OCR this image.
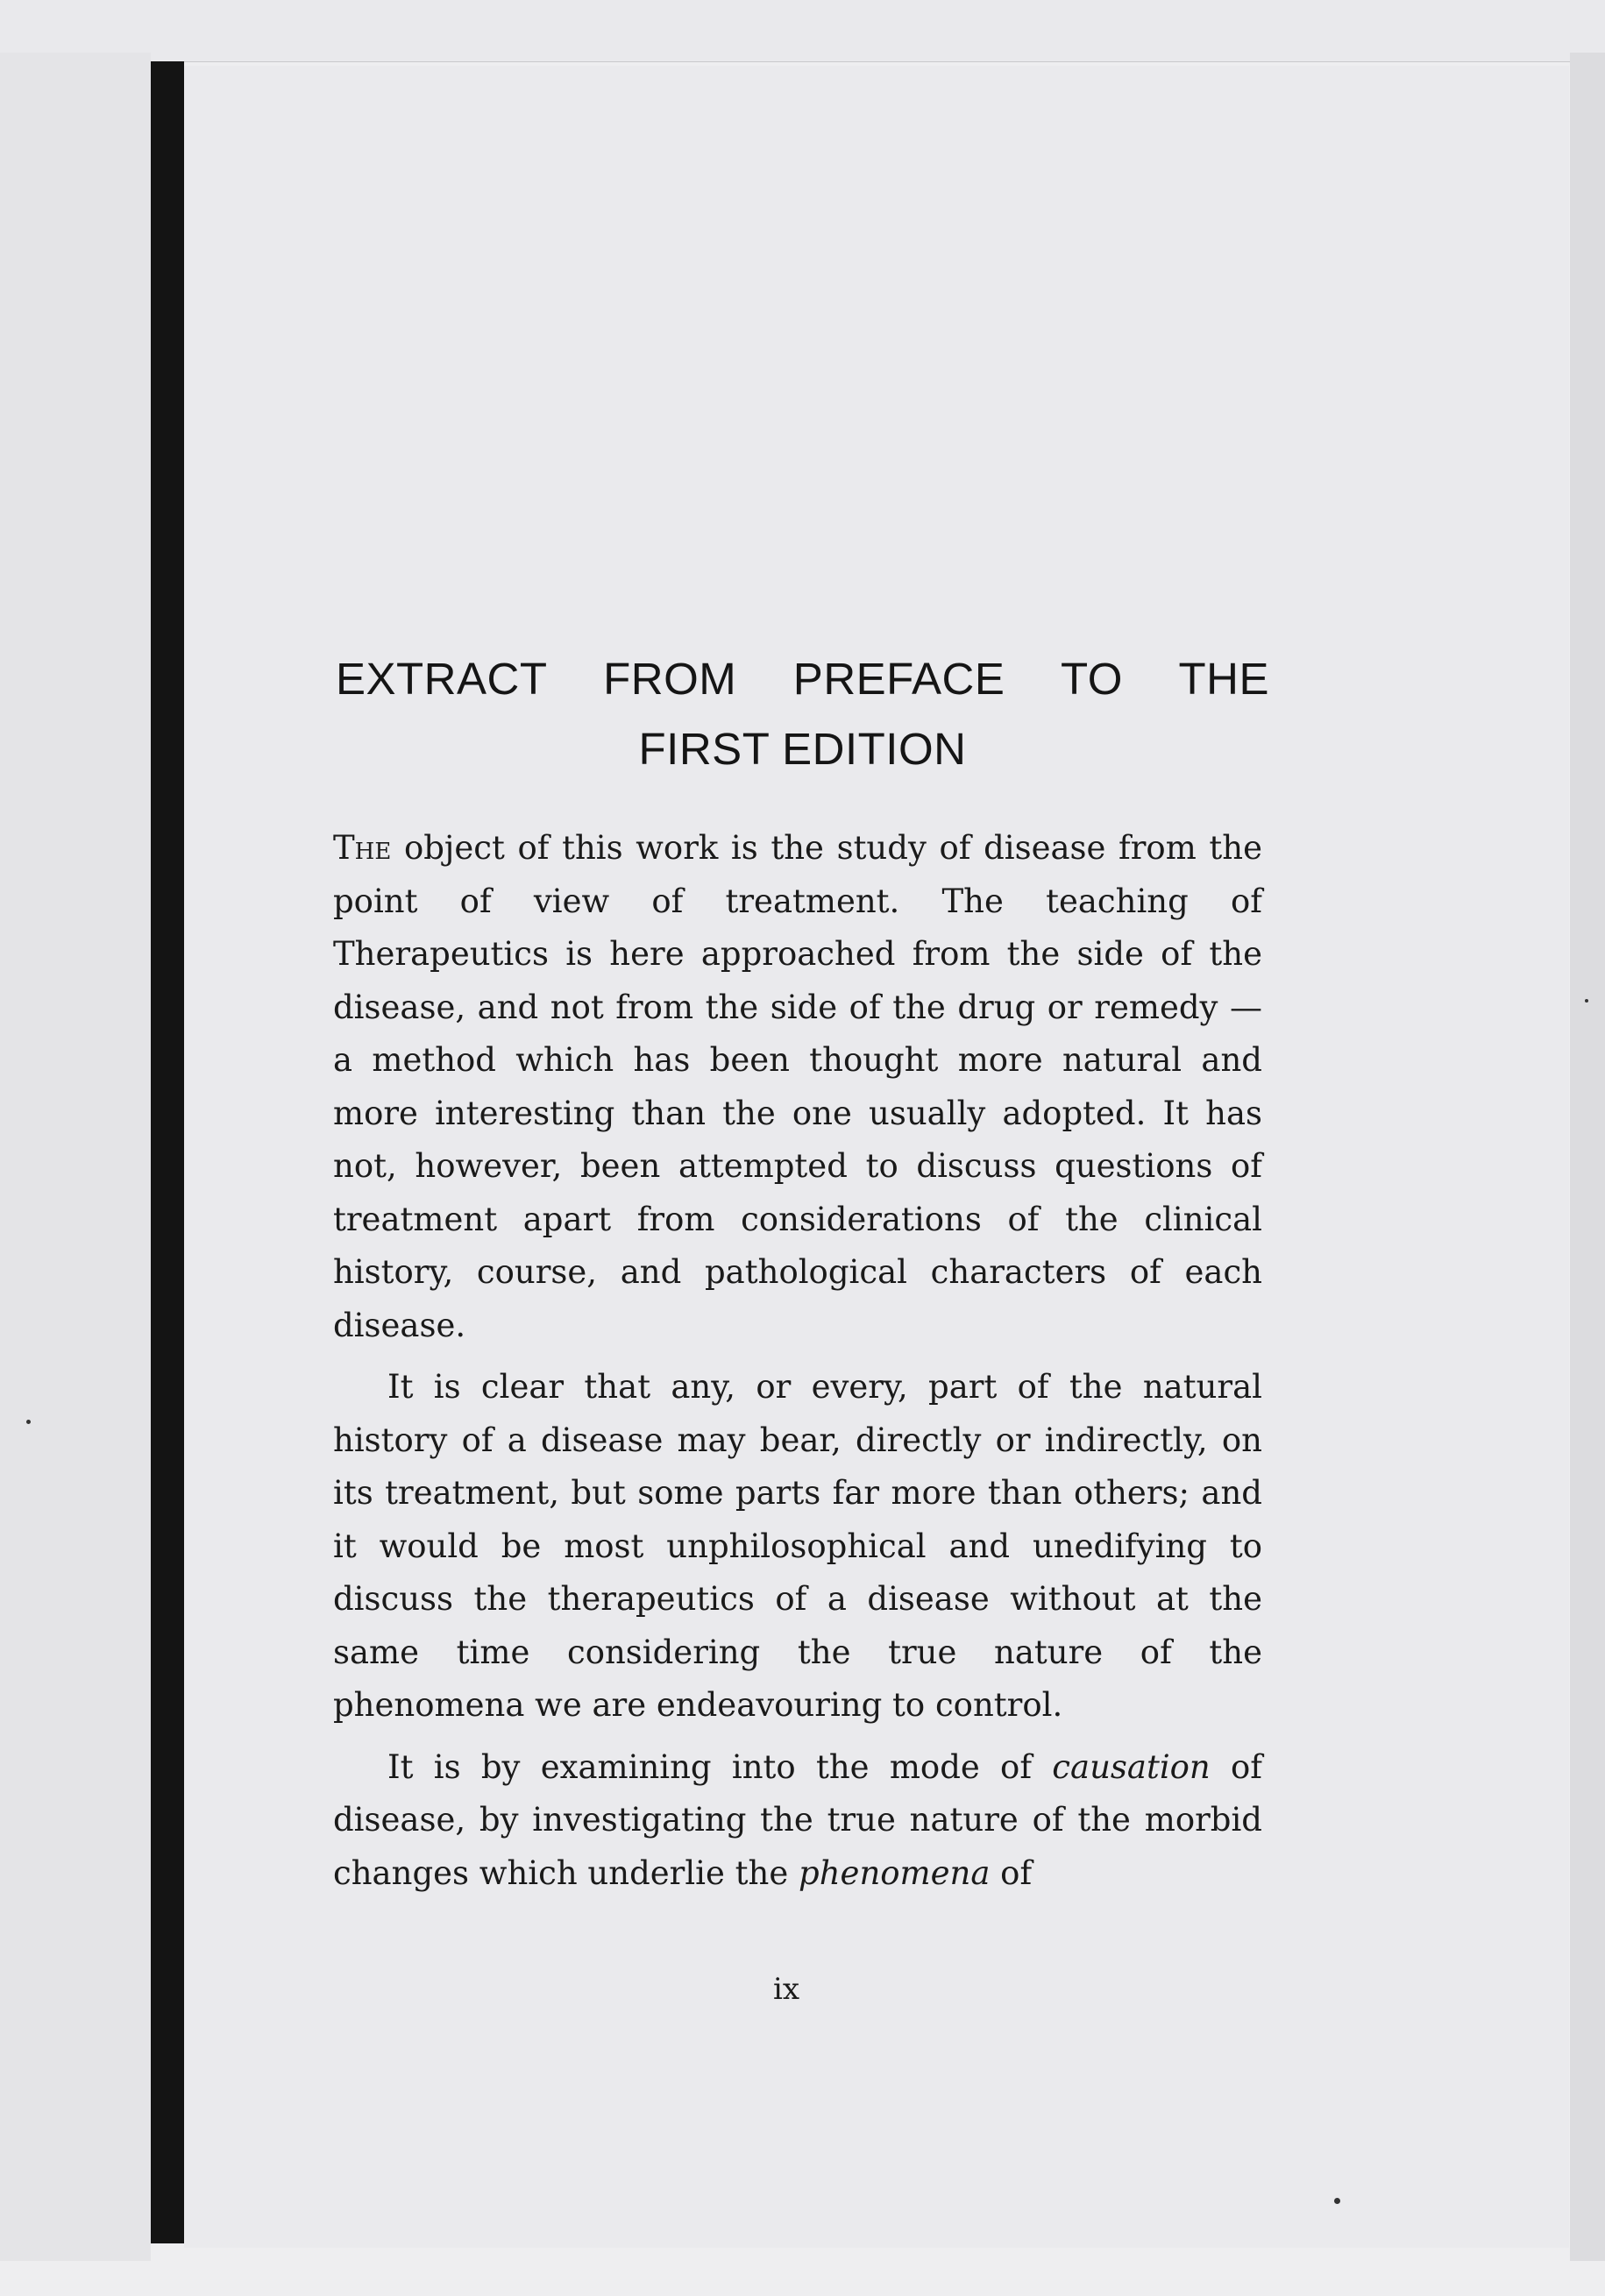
EXTRACT FROM PREFACE TO THE
FIRST EDITION

The object of this work is the study of disease from the point of view of treatment. The teaching of Therapeutics is here approached from the side of the disease, and not from the side of the drug or remedy —a method which has been thought more natural and more interesting than the one usually adopted. It has not, however, been attempted to discuss questions of treatment apart from considerations of the clinical history, course, and pathological characters of each disease.

It is clear that any, or every, part of the natural history of a disease may bear, directly or indirectly, on its treatment, but some parts far more than others; and it would be most unphilosophical and unedifying to discuss the therapeutics of a disease without at the same time considering the true nature of the phenomena we are endeavouring to control.

It is by examining into the mode of causation of disease, by investigating the true nature of the morbid changes which underlie the phenomena of

ix
